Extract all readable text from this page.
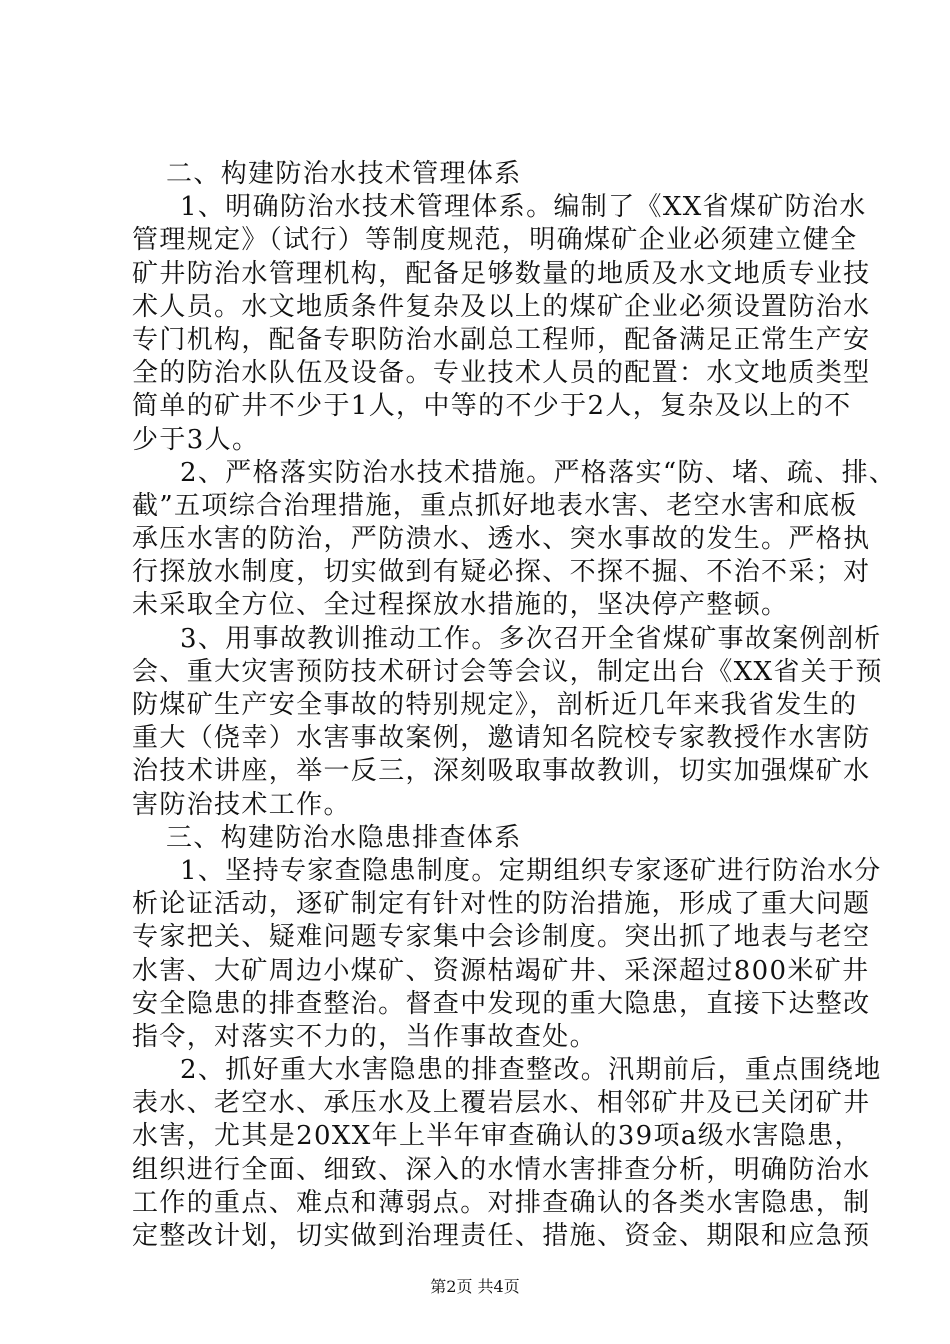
二、构建防治水技术管理体系
1、明确防治水技术管理体系。编制了《XX省煤矿防治水
管理规定》（试行）等制度规范，明确煤矿企业必须建立健全
矿井防治水管理机构，配备足够数量的地质及水文地质专业技
术人员。水文地质条件复杂及以上的煤矿企业必须设置防治水
专门机构，配备专职防治水副总工程师，配备满足正常生产安
全的防治水队伍及设备。专业技术人员的配置：水文地质类型
简单的矿井不少于1人，中等的不少于2人，复杂及以上的不
少于3人。
2、严格落实防治水技术措施。严格落实“防、堵、疏、排、
截”五项综合治理措施，重点抓好地表水害、老空水害和底板
承压水害的防治，严防溃水、透水、突水事故的发生。严格执
行探放水制度，切实做到有疑必探、不探不掘、不治不采；对
未采取全方位、全过程探放水措施的，坚决停产整顿。
3、用事故教训推动工作。多次召开全省煤矿事故案例剖析
会、重大灾害预防技术研讨会等会议，制定出台《XX省关于预
防煤矿生产安全事故的特别规定》，剖析近几年来我省发生的
重大（侥幸）水害事故案例，邀请知名院校专家教授作水害防
治技术讲座，举一反三，深刻吸取事故教训，切实加强煤矿水
害防治技术工作。
三、构建防治水隐患排查体系
1、坚持专家查隐患制度。定期组织专家逐矿进行防治水分
析论证活动，逐矿制定有针对性的防治措施，形成了重大问题
专家把关、疑难问题专家集中会诊制度。突出抓了地表与老空
水害、大矿周边小煤矿、资源枯竭矿井、采深超过800米矿井
安全隐患的排查整治。督查中发现的重大隐患，直接下达整改
指令，对落实不力的，当作事故查处。
2、抓好重大水害隐患的排查整改。汛期前后，重点围绕地
表水、老空水、承压水及上覆岩层水、相邻矿井及已关闭矿井
水害，尤其是20XX年上半年审查确认的39项a级水害隐患，
组织进行全面、细致、深入的水情水害排查分析，明确防治水
工作的重点、难点和薄弱点。对排查确认的各类水害隐患，制
定整改计划，切实做到治理责任、措施、资金、期限和应急预
第2页 共4页
